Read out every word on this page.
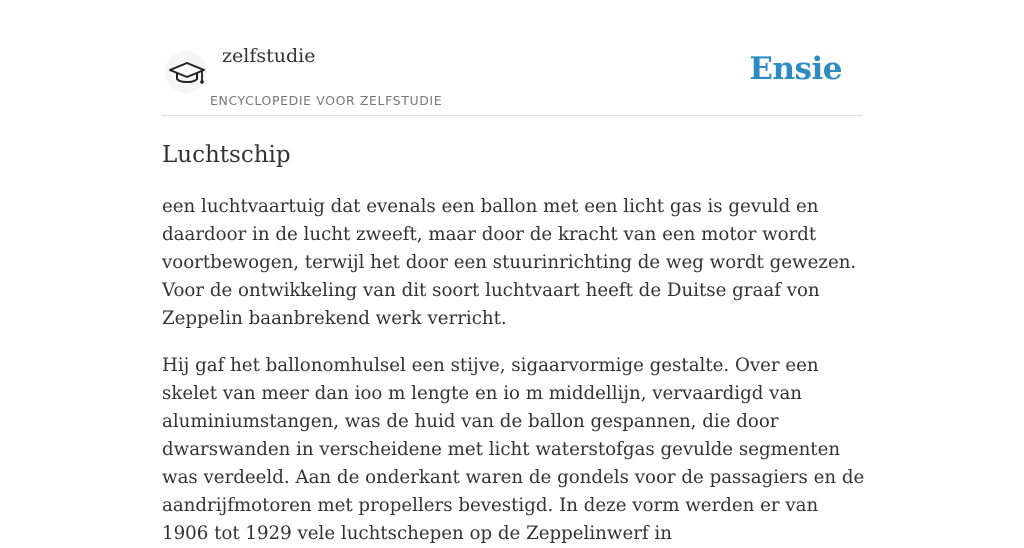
zelfstudie
ENCYCLOPEDIE VOOR ZELFSTUDIE
Ensie
Luchtschip

een luchtvaartuig dat evenals een ballon met een licht gas is gevuld en daardoor in de lucht zweeft, maar door de kracht van een motor wordt voortbewogen, terwijl het door een stuurinrichting de weg wordt gewezen. Voor de ontwikkeling van dit soort luchtvaart heeft de Duitse graaf von Zeppelin baanbrekend werk verricht.

Hij gaf het ballonomhulsel een stijve, sigaarvormige gestalte. Over een skelet van meer dan ioo m lengte en io m middellijn, vervaardigd van aluminiumstangen, was de huid van de ballon gespannen, die door dwarswanden in verscheidene met licht waterstofgas gevulde segmenten was verdeeld. Aan de onderkant waren de gondels voor de passagiers en de aandrijfmotoren met propellers bevestigd. In deze vorm werden er van 1906 tot 1929 vele luchtschepen op de Zeppelinwerf in
